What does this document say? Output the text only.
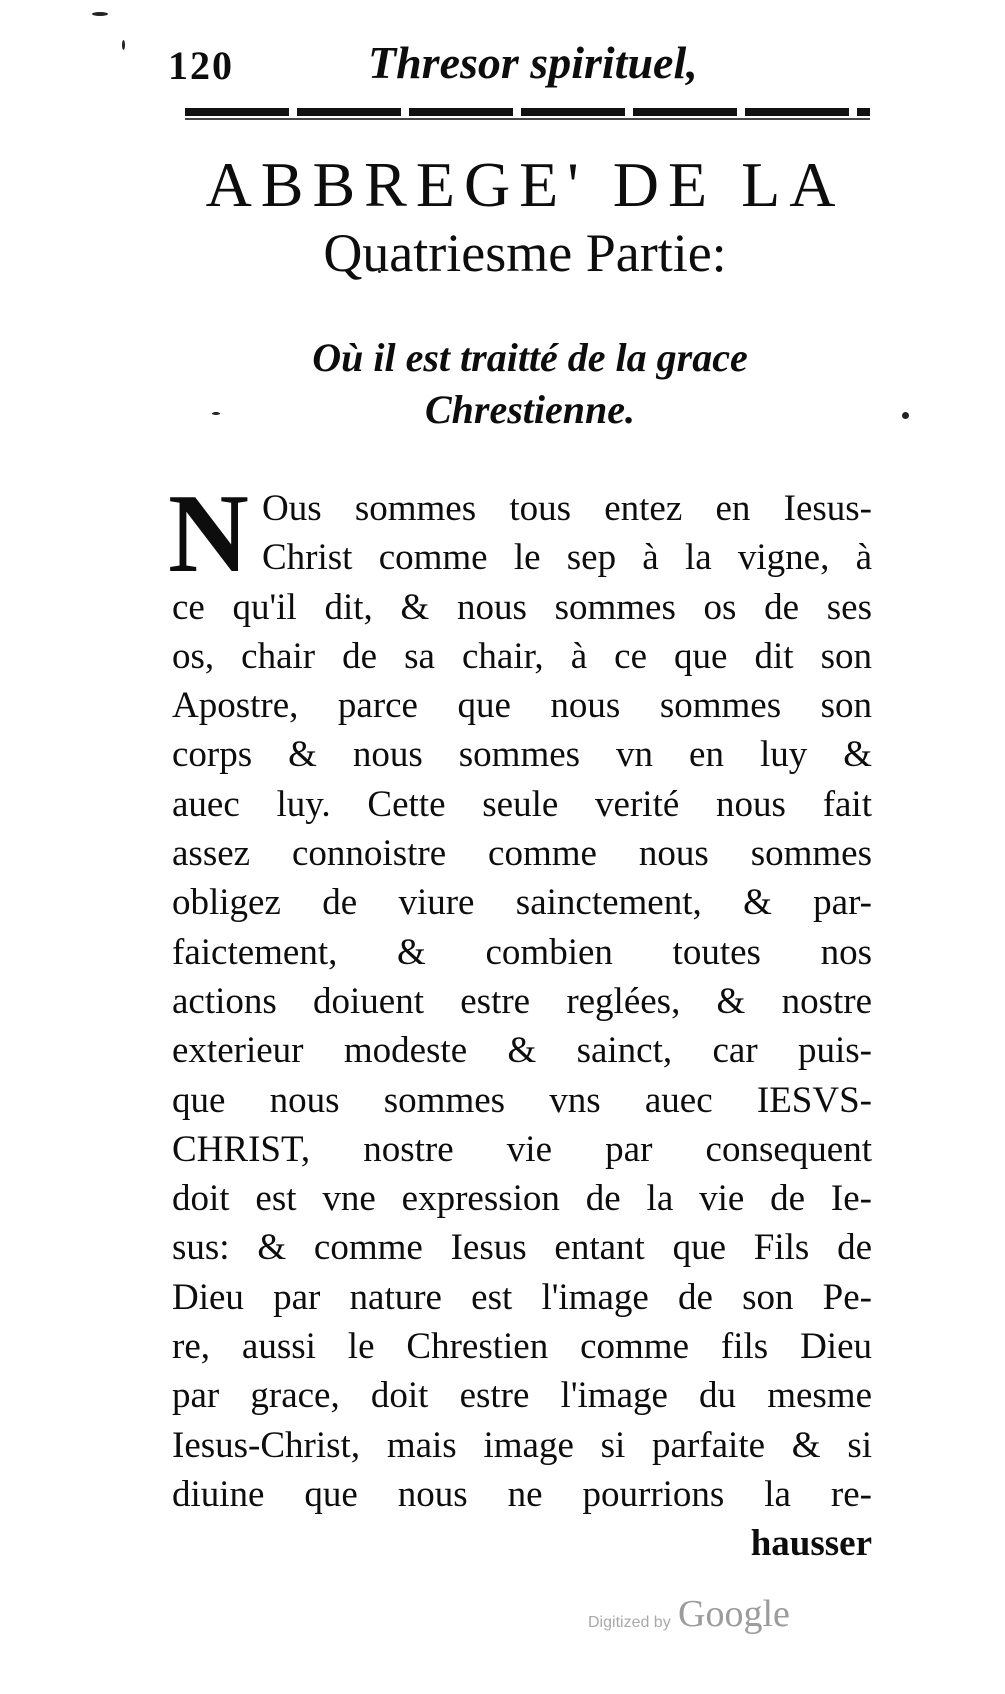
120	Thresor spirituel,
ABBREGE' DE LA
Quatriesme Partie:
Où il est traitté de la grace
Chrestienne.
N Ous sommes tous entez en Iesus-
Christ comme le sep à la vigne, à
ce qu'il dit, & nous sommes os de ses
os, chair de sa chair, à ce que dit son
Apostre, parce que nous sommes son
corps & nous sommes vn en luy &
auec luy. Cette seule verité nous fait
assez connoistre comme nous sommes
obligez de viure sainctement, & par-
faictement, & combien toutes nos
actions doiuent estre reglées, & nostre
exterieur modeste & sainct, car puis-
que nous sommes vns auec IESVS-
CHRIST, nostre vie par consequent
doit est vne expression de la vie de Ie-
sus: & comme Iesus entant que Fils de
Dieu par nature est l'image de son Pe-
re, aussi le Chrestien comme fils Dieu
par grace, doit estre l'image du mesme
Iesus-Christ, mais image si parfaite & si
diuine que nous ne pourrions la re-
hausser
Digitized by Google
